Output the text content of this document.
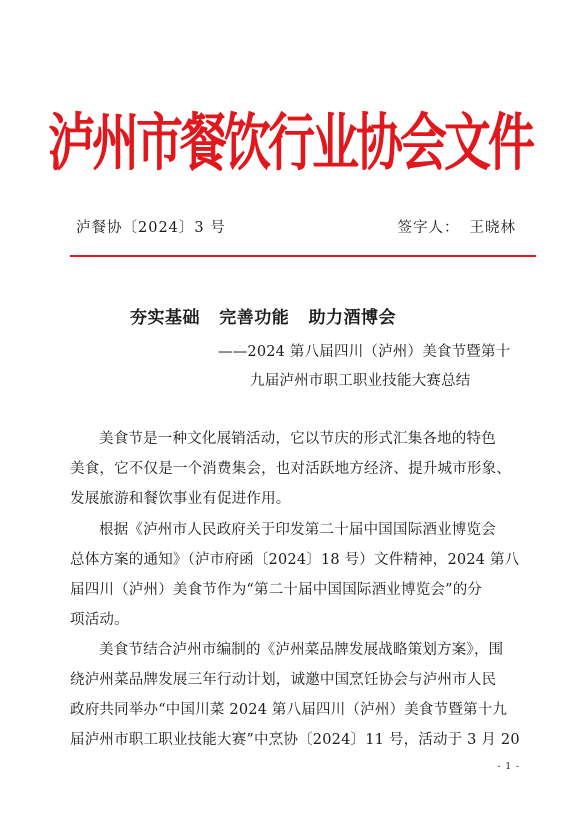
泸州市餐饮行业协会文件
泸餐协〔2024〕3 号	签字人： 王晓林
夯实基础   完善功能   助力酒博会
——2024 第八届四川（泸州）美食节暨第十
九届泸州市职工职业技能大赛总结
美食节是一种文化展销活动，它以节庆的形式汇集各地的特色
美食，它不仅是一个消费集会，也对活跃地方经济、提升城市形象、
发展旅游和餐饮事业有促进作用。
根据《泸州市人民政府关于印发第二十届中国国际酒业博览会
总体方案的通知》（泸市府函〔2024〕18 号）文件精神，2024 第八
届四川（泸州）美食节作为“第二十届中国国际酒业博览会”的分
项活动。
美食节结合泸州市编制的《泸州菜品牌发展战略策划方案》，围
绕泸州菜品牌发展三年行动计划，诚邀中国烹饪协会与泸州市人民
政府共同举办“中国川菜 2024 第八届四川（泸州）美食节暨第十九
届泸州市职工职业技能大赛”中烹协〔2024〕11 号，活动于 3 月 20
- 1 -
